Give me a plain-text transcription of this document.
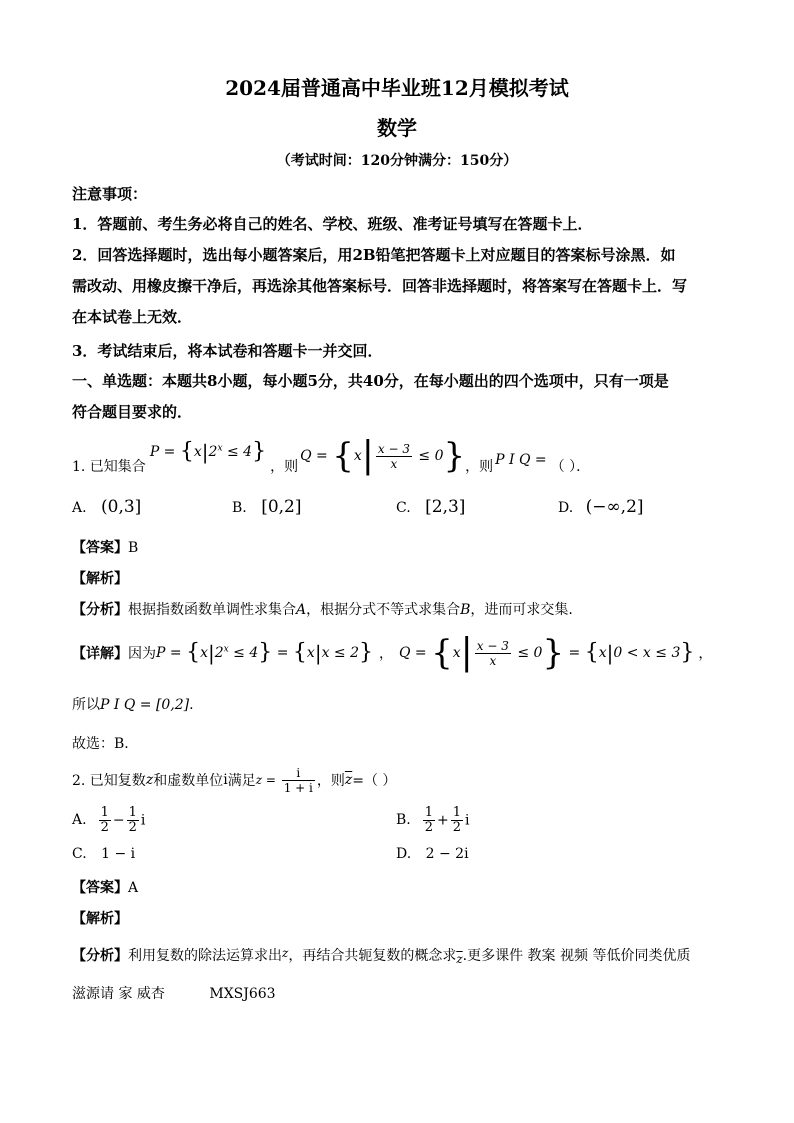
2024届普通高中毕业班12月模拟考试
数学
（考试时间：120分钟满分：150分）
注意事项：
1．答题前、考生务必将自己的姓名、学校、班级、准考证号填写在答题卡上．
2．回答选择题时，选出每小题答案后，用2B铅笔把答题卡上对应题目的答案标号涂黑．如
需改动、用橡皮擦干净后，再选涂其他答案标号．回答非选择题时，将答案写在答题卡上．写
在本试卷上无效．
3．考试结束后，将本试卷和答题卡一并交回．
一、单选题：本题共8小题，每小题5分，共40分，在每小题出的四个选项中，只有一项是
符合题目要求的．
1. 已知集合
$P = \{x|2^x \le 4\}$
，则
$Q = \{x| \frac{x - 3}{x} \le 0\}$ ，则 P I Q = （ ）．
A. (0,3]	B. [0,2]	C. [2,3]	D. (−∞,2]
【答案】B
【解析】
【分析】根据指数函数单调性求集合A，根据分式不等式求集合B，进而可求交集.
【详解】 因为 $P = \{x|2^x \le 4\} = \{x|x \le 2\}$ ， $Q = \{x| \frac{x - 3}{x} \le 0\} = \{x|0 < x \le 3\}$ ，
所以P I Q = [0,2].
故选：B.
2. 已知复数 z 和虚数单位 i 满足 $z = \frac{i}{1 + i}$ ，则 $\overline{z}$ =（ ）
A. $\frac{1}{2} - \frac{1}{2}$ i	B. $\frac{1}{2} + \frac{1}{2}$ i
C. 1 − i	D. 2 − 2i
【答案】A
【解析】
【分析】利用复数的除法运算求出z，再结合共轭复数的概念求$\overline{z}$.更多课件 教案 视频 等低价同类优质
滋源请 家 威杏	MXSJ663
